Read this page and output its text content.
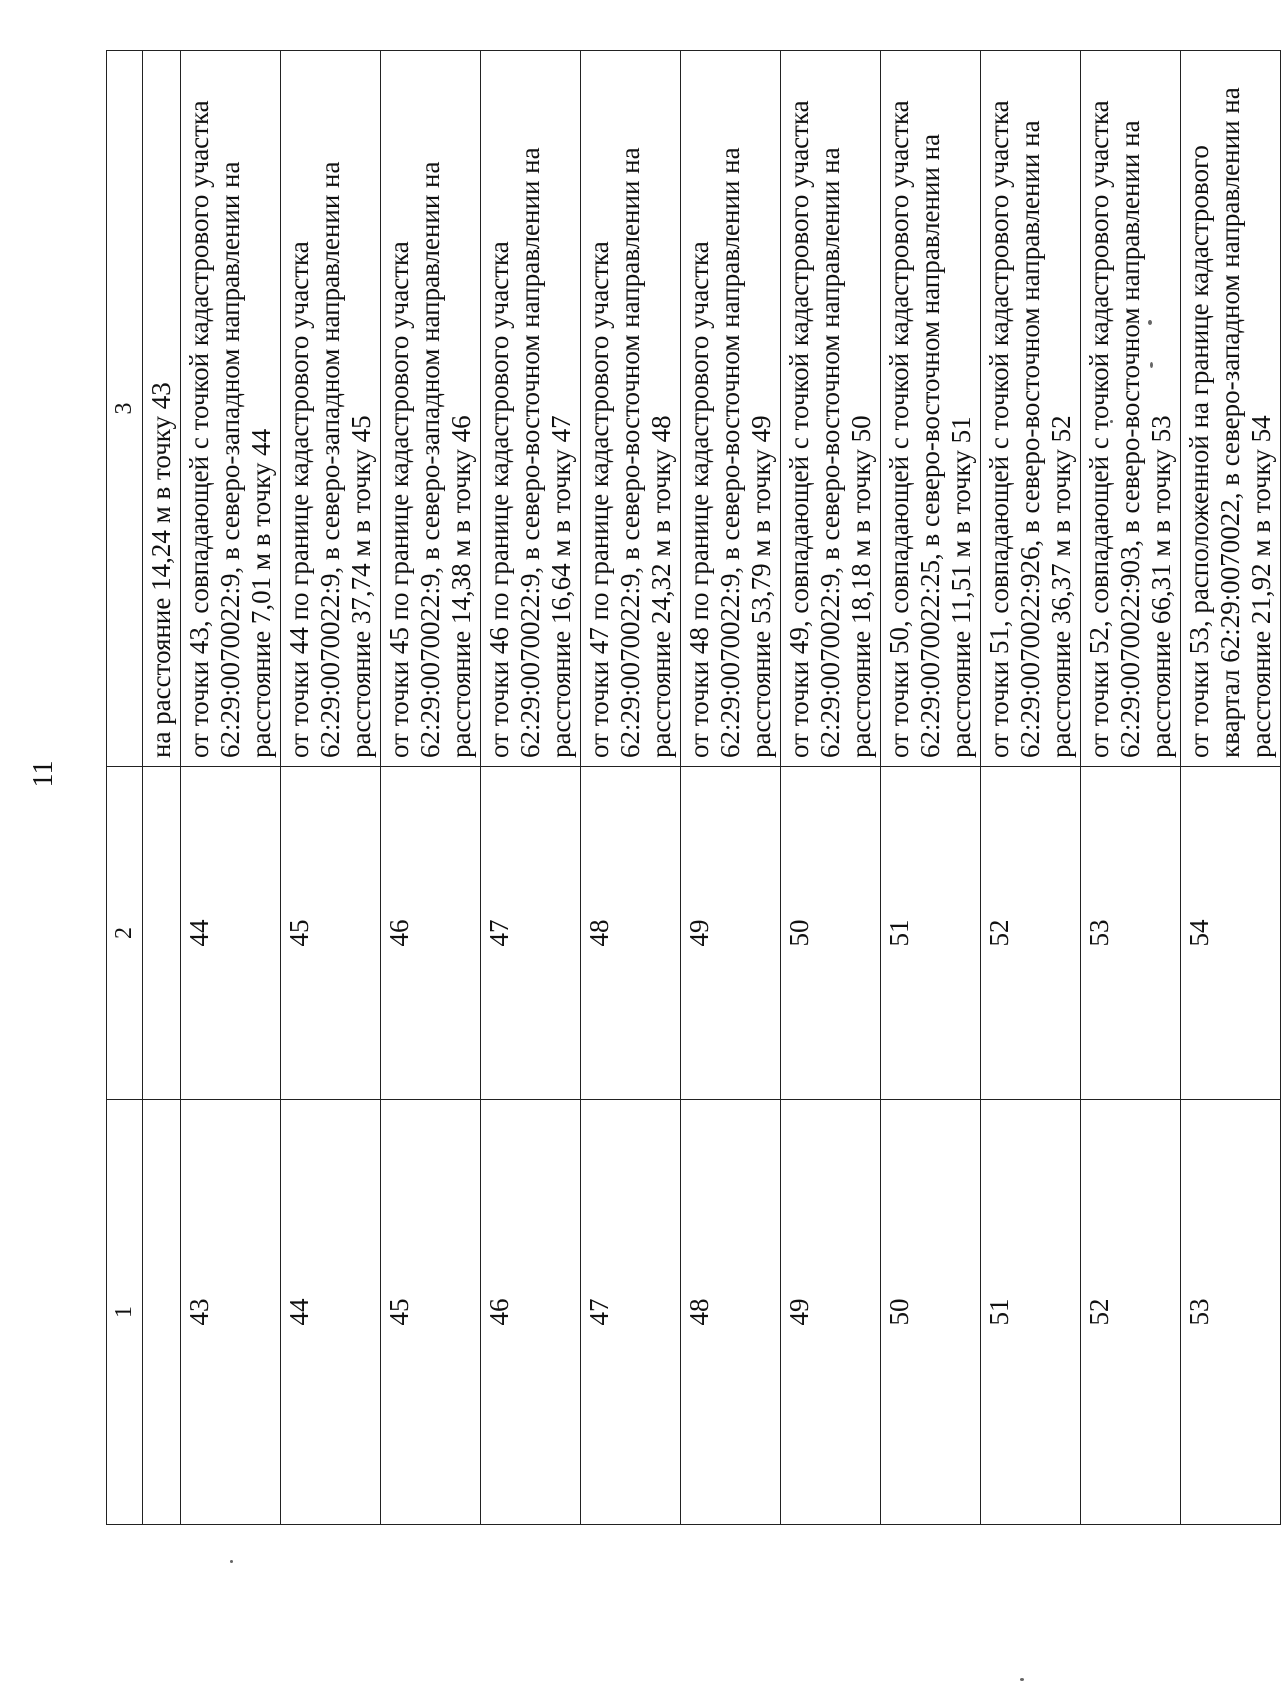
11
1	2	3
		на расстояние 14,24 м в точку 43
43	44	от точки 43, совпадающей с точкой кадастрового участка 62:29:0070022:9, в северо-западном направлении на расстояние 7,01 м в точку 44
44	45	от точки 44 по границе кадастрового участка 62:29:0070022:9, в северо-западном направлении на расстояние 37,74 м в точку 45
45	46	от точки 45 по границе кадастрового участка 62:29:0070022:9, в северо-западном направлении на расстояние 14,38 м в точку 46
46	47	от точки 46 по границе кадастрового участка 62:29:0070022:9, в северо-восточном направлении на расстояние 16,64 м в точку 47
47	48	от точки 47 по границе кадастрового участка 62:29:0070022:9, в северо-восточном направлении на расстояние 24,32 м в точку 48
48	49	от точки 48 по границе кадастрового участка 62:29:0070022:9, в северо-восточном направлении на расстояние 53,79 м в точку 49
49	50	от точки 49, совпадающей с точкой кадастрового участка 62:29:0070022:9, в северо-восточном направлении на расстояние 18,18 м в точку 50
50	51	от точки 50, совпадающей с точкой кадастрового участка 62:29:0070022:25, в северо-восточном направлении на расстояние 11,51 м в точку 51
51	52	от точки 51, совпадающей с точкой кадастрового участка 62:29:0070022:926, в северо-восточном направлении на расстояние 36,37 м в точку 52
52	53	от точки 52, совпадающей с точкой кадастрового участка 62:29:0070022:903, в северо-восточном направлении на расстояние 66,31 м в точку 53
53	54	от точки 53, расположенной на границе кадастрового квартал 62:29:0070022, в северо-западном направлении на расстояние 21,92 м в точку 54
